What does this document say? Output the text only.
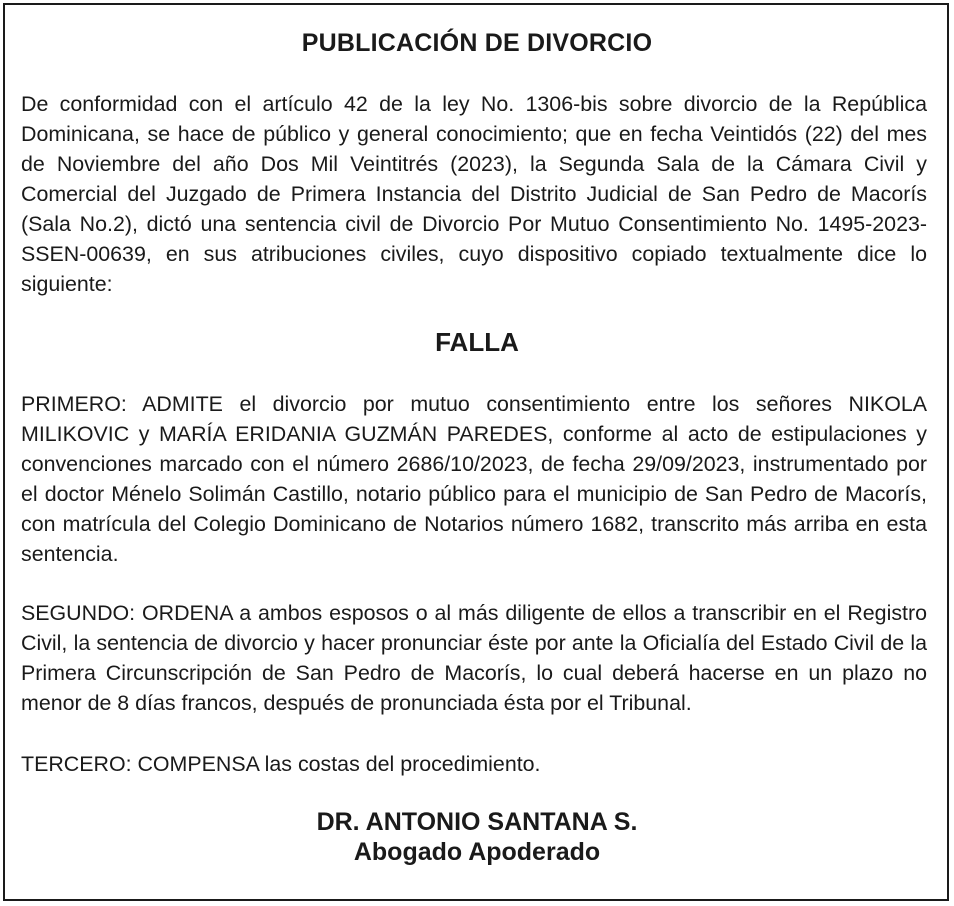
PUBLICACIÓN DE DIVORCIO

De conformidad con el artículo 42 de la ley No. 1306-bis sobre divorcio de la República Dominicana, se hace de público y general conocimiento; que en fecha Veintidós (22) del mes de Noviembre del año Dos Mil Veintitrés (2023), la Segunda Sala de la Cámara Civil y Comercial del Juzgado de Primera Instancia del Distrito Judicial de San Pedro de Macorís (Sala No.2), dictó una sentencia civil de Divorcio Por Mutuo Consentimiento No. 1495-2023-SSEN-00639, en sus atribuciones civiles, cuyo dispositivo copiado textualmente dice lo siguiente:

FALLA

PRIMERO: ADMITE el divorcio por mutuo consentimiento entre los señores NIKOLA MILIKOVIC y MARÍA ERIDANIA GUZMÁN PAREDES, conforme al acto de estipulaciones y convenciones marcado con el número 2686/10/2023, de fecha 29/09/2023, instrumentado por el doctor Ménelo Solimán Castillo, notario público para el municipio de San Pedro de Macorís, con matrícula del Colegio Dominicano de Notarios número 1682, transcrito más arriba en esta sentencia.

SEGUNDO: ORDENA a ambos esposos o al más diligente de ellos a transcribir en el Registro Civil, la sentencia de divorcio y hacer pronunciar éste por ante la Oficialía del Estado Civil de la Primera Circunscripción de San Pedro de Macorís, lo cual deberá hacerse en un plazo no menor de 8 días francos, después de pronunciada ésta por el Tribunal.

TERCERO: COMPENSA las costas del procedimiento.

DR. ANTONIO SANTANA S.
Abogado Apoderado
